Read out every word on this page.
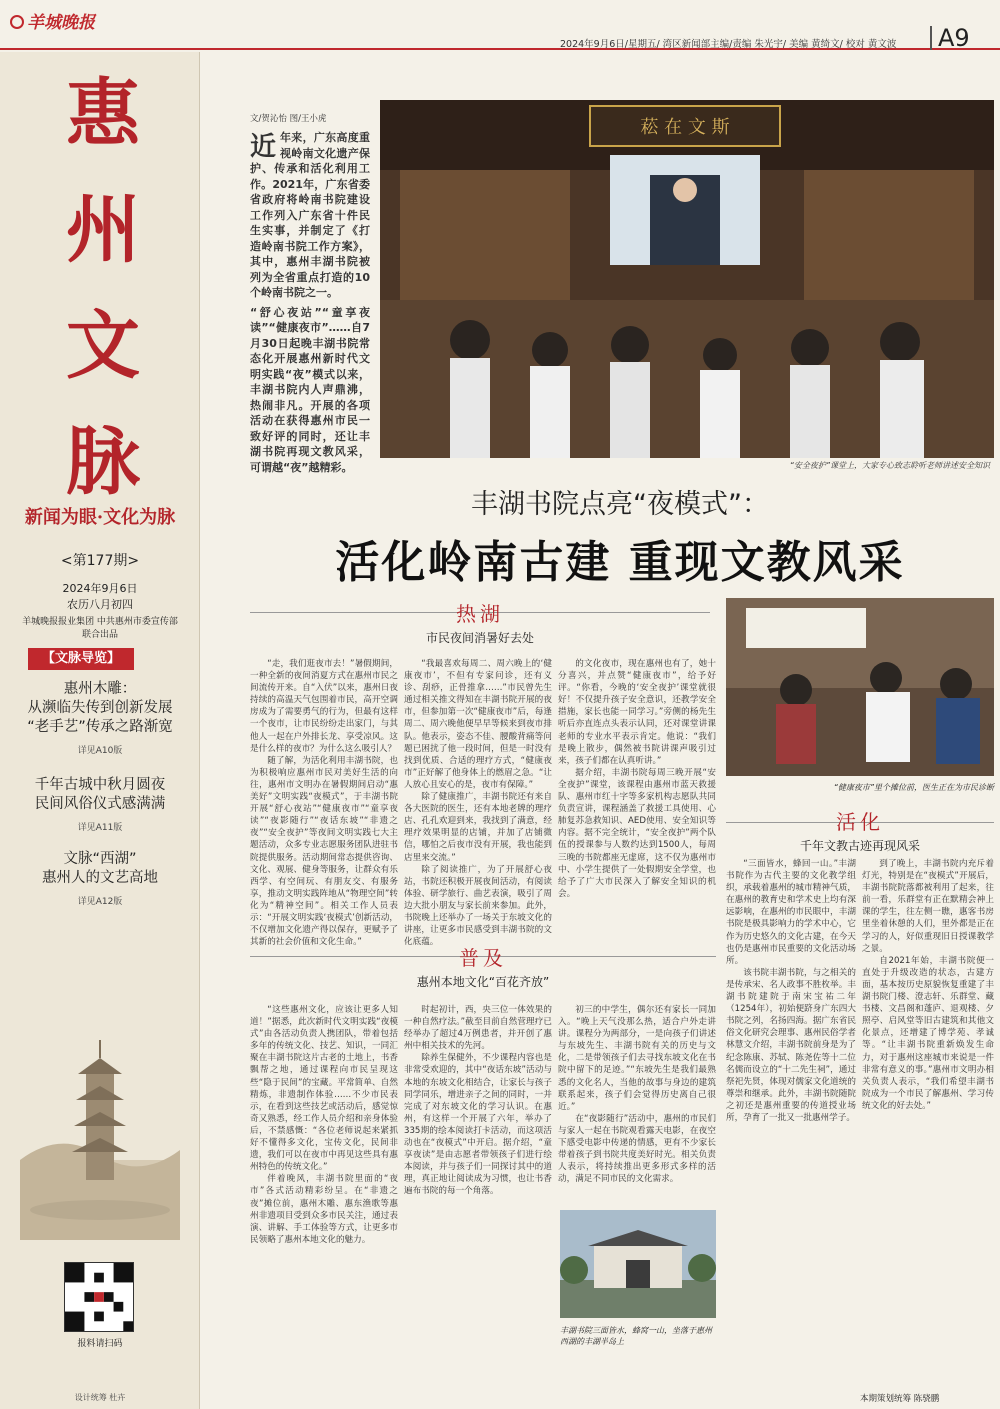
羊城晚报
2024年9月6日/星期五/ 湾区新闻部主编/责编 朱光宇/ 美编 黄绮文/ 校对 黄文波	A9
惠
州
文
脉
新闻为眼·文化为脉
<第177期>
2024年9月6日
农历八月初四
羊城晚报报业集团 中共惠州市委宣传部
联合出品
【文脉导览】
惠州木雕：
从濒临失传到创新发展
“老手艺”传承之路渐宽
详见A10版
千年古城中秋月圆夜
民间风俗仪式感满满
详见A11版
文脉“西湖”
惠州人的文艺高地
详见A12版
报料请扫码
设计统筹 杜卉
文/贺沁怡 图/王小虎

近年来，广东高度重视岭南文化遗产保护、传承和活化利用工作。2021年，广东省委省政府将岭南书院建设工作列入广东省十件民生实事，并制定了《打造岭南书院工作方案》，其中，惠州丰湖书院被列为全省重点打造的10个岭南书院之一。

“舒心夜站”“童享夜读”“健康夜市”……自7月30日起晚丰湖书院常态化开展惠州新时代文明实践“夜”模式以来，丰湖书院内人声鼎沸，热闹非凡。开展的各项活动在获得惠州市民一致好评的同时，还让丰湖书院再现文教风采，可谓越“夜”越精彩。

菘 在 文 斯
“安全夜护”课堂上，大家专心致志聆听老师讲述安全知识
丰湖书院点亮“夜模式”：
活化岭南古建 重现文教风采
热湖
市民夜间消暑好去处

“走，我们逛夜市去！”暑假期间，一种全新的夜间消夏方式在惠州市民之间流传开来。自“入伏”以来，惠州日夜持续的高温天气包围着市民，高开空调房成为了需要勇气的行为，但最有这样一个夜市，让市民纷纷走出家门，与其他人一起在户外排长龙、享受凉风。这是什么样的夜市？为什么这么吸引人？

随了解，为活化利用丰湖书院，也为积极响应惠州市民对美好生活的向往，惠州市文明办在暑假期间启动“惠美好”文明实践“夜模式”，于丰湖书院开展“舒心夜站”“健康夜市”“童享夜读”“夜影随行”“夜话东坡”“非遗之夜”“安全夜护”等夜间文明实践七大主题活动，众多专业志愿服务团队进驻书院提供服务。活动期间常态提供咨询、文化、观展、健身等服务，让群众有乐西学、有空间玩、有朋友交、有服务享，推动文明实践阵地从“物理空间”转化为“精神空间”。相关工作人员表示：“开展文明实践‘夜模式’创新活动，不仅增加文化遗产得以保存，更赋予了其新的社会价值和文化生命。”

“我最喜欢每周二、周六晚上的‘健康夜市’，不但有专家问诊，还有义诊、刮痧，正骨推拿……”市民曾先生通过相关推文得知在丰湖书院开展的夜市，但参加第一次“健康夜市”后，每逢周二、周六晚他便早早等候来到夜市排队。他表示，姿态不佳、腰酸背痛等问题已困扰了他一段时间，但是一时没有找到优质、合适的理疗方式，“健康夜市”正好解了他身体上的燃眉之急。“让人放心且安心的是，夜市有保障。”

除了健康推广，丰湖书院还有来自各大医院的医生，还有本地老牌的理疗店、孔孔欢迎到来，我找到了满意，经理疗效果明显的店铺，并加了店铺微信，哪怕之后夜市没有开展，我也能到店里来交流。”

除了阅读推广，为了开展舒心夜站，书院还积极开展夜间活动，有阅读体验、研学旅行、曲艺表演，吸引了周边大批小朋友与家长前来参加。此外，书院晚上还举办了一场关于东坡文化的讲座，让更多市民感受到丰湖书院的文化底蕴。

的文化夜市，现在惠州也有了，她十分喜兴，并点赞“健康夜市”，给予好评。“你看，今晚的‘安全夜护’课堂就很好！不仅提升孩子安全意识，还教学安全措施，家长也能一同学习。”旁侧的杨先生听后亦直连点头表示认同，还对课堂讲课老师的专业水平表示肯定。他说：“我们是晚上散步，偶然被书院讲课声吸引过来，孩子们都在认真听讲。”

据介绍，丰湖书院每周三晚开展“安全夜护”课堂，该课程由惠州市蓝天救援队、惠州市红十字等多家机构志愿队共同负责宣讲，课程涵盖了救援工具使用、心肺复苏急救知识、AED使用、安全知识等内容。据不完全统计，“安全夜护”两个队伍的授课参与人数约达到1500人，每周三晚的书院都座无虚席，这不仅为惠州市中、小学生提供了一处假期安全学堂，也给予了广大市民深入了解安全知识的机会。

“健康夜市”里个摊位前，医生正在为市民诊断
活化
千年文教古迹再现风采
普及
惠州本地文化“百花齐放”

“这些惠州文化，应该让更多人知道！”据悉，此次新时代文明实践“夜模式”由各活动负责人携团队，带着包括多年的传统文化、技艺、知识，一同汇聚在丰湖书院这片古老的土地上，书香飘帮之地，通过课程向市民呈现这些“隐于民间”的宝藏。平常简单、自然精炼，非遗制作体验……不少市民表示，在看到这些技艺或活动后，感觉惊奇又熟悉，经工作人员介绍和亲身体验后，不禁感慨：“各位老师说起来紧抓好不懂得多文化，宝传文化，民间非遗，我们可以在夜市中再见这些具有惠州特色的传统文化。”

伴着晚风，丰湖书院里面的“夜市”各式活动精彩纷呈。在“非遗之夜”摊位前，惠州木雕、惠东渔歌等惠州非遗项目受到众多市民关注，通过表演、讲解、手工体验等方式，让更多市民领略了惠州本地文化的魅力。

时起初计，西，央三位一体效果的一种自然疗法。”截至目前自然营理疗已经举办了超过4万例患者，并开创了惠州中相关技术的先河。

除养生保健外，不少课程内容也是非常受欢迎的，其中“夜话东坡”活动与本地的东坡文化相结合，让家长与孩子同学同乐，增进亲子之间的同时，一并完成了对东坡文化的学习认识。在惠州，有这样一个开展了六年，举办了335期的绘本阅读打卡活动，而这项活动也在“夜模式”中开启。据介绍，“童享夜读”是由志愿者带领孩子们进行绘本阅读，并与孩子们一同探讨其中的道理，真正地让阅读成为习惯，也让书香遍布书院的每一个角落。

初三的中学生，偶尔还有家长一同加入。“晚上天气没那么热，适合户外走讲讲。课程分为两部分，一是向孩子们讲述与东坡先生、丰湖书院有关的历史与文化，二是带领孩子们去寻找东坡文化在书院中留下的足迹。”“东坡先生是我们最熟悉的文化名人，当他的故事与身边的建筑联系起来，孩子们会觉得历史离自己很近。”

在“夜影随行”活动中，惠州的市民们与家人一起在书院观看露天电影，在夜空下感受电影中传递的情感，更有不少家长带着孩子到书院共度美好时光。相关负责人表示，将持续推出更多形式多样的活动，满足不同市民的文化需求。

丰湖书院三面皆水，蜂窝一山，坐落于惠州西湖的丰湖半岛上

“三面皆水，蜂回一山。”丰湖书院作为古代主要的文化教学组织，承载着惠州的城市精神气质，在惠州的教育史和学术史上均有深远影响，在惠州的市民眼中，丰湖书院是极具影响力的学术中心，它作为历史悠久的文化古建，在今天也仍是惠州市民重要的文化活动场所。

该书院丰湖书院，与之相关的是传承宋、名人政事不胜枚举。丰湖书院建院于南宋宝祐二年（1254年），初始便跻身广东四大书院之列，名扬四海。据广东省民俗文化研究会理事、惠州民俗学者林慧文介绍，丰湖书院前身是为了纪念陈康、苏轼、陈尧佐等十二位名儒而设立的“十二先生祠”，通过祭祀先贤，体现对儒家文化道统的尊崇和继承。此外，丰湖书院随院之初还是惠州重要的传道授业场所，孕育了一批又一批惠州学子。

到了晚上，丰湖书院内充斥着灯光，特别是在“夜模式”开展后，丰湖书院院落都被利用了起来，往前一看，乐群堂有正在默精会神上课的学生，往左侧一瞧，惠客书房里坐着休憩的人们，里外都是正在学习的人，好似重现旧日授课教学之景。

自2021年始，丰湖书院便一直处于升级改造的状态，古建方面，基本按历史原貌恢复重建了丰湖书院门楼、澄志轩、乐群堂、藏书楼、文昌阁和蓬庐、退观楼、夕照亭、启风堂等旧古建筑和其他文化景点，还增建了博学苑、孝诚等。“让丰湖书院重新焕发生命力，对于惠州这座城市来说是一件非常有意义的事。”惠州市文明办相关负责人表示，“我们希望丰湖书院成为一个市民了解惠州、学习传统文化的好去处。”

本期策划统筹 陈骁鹏
